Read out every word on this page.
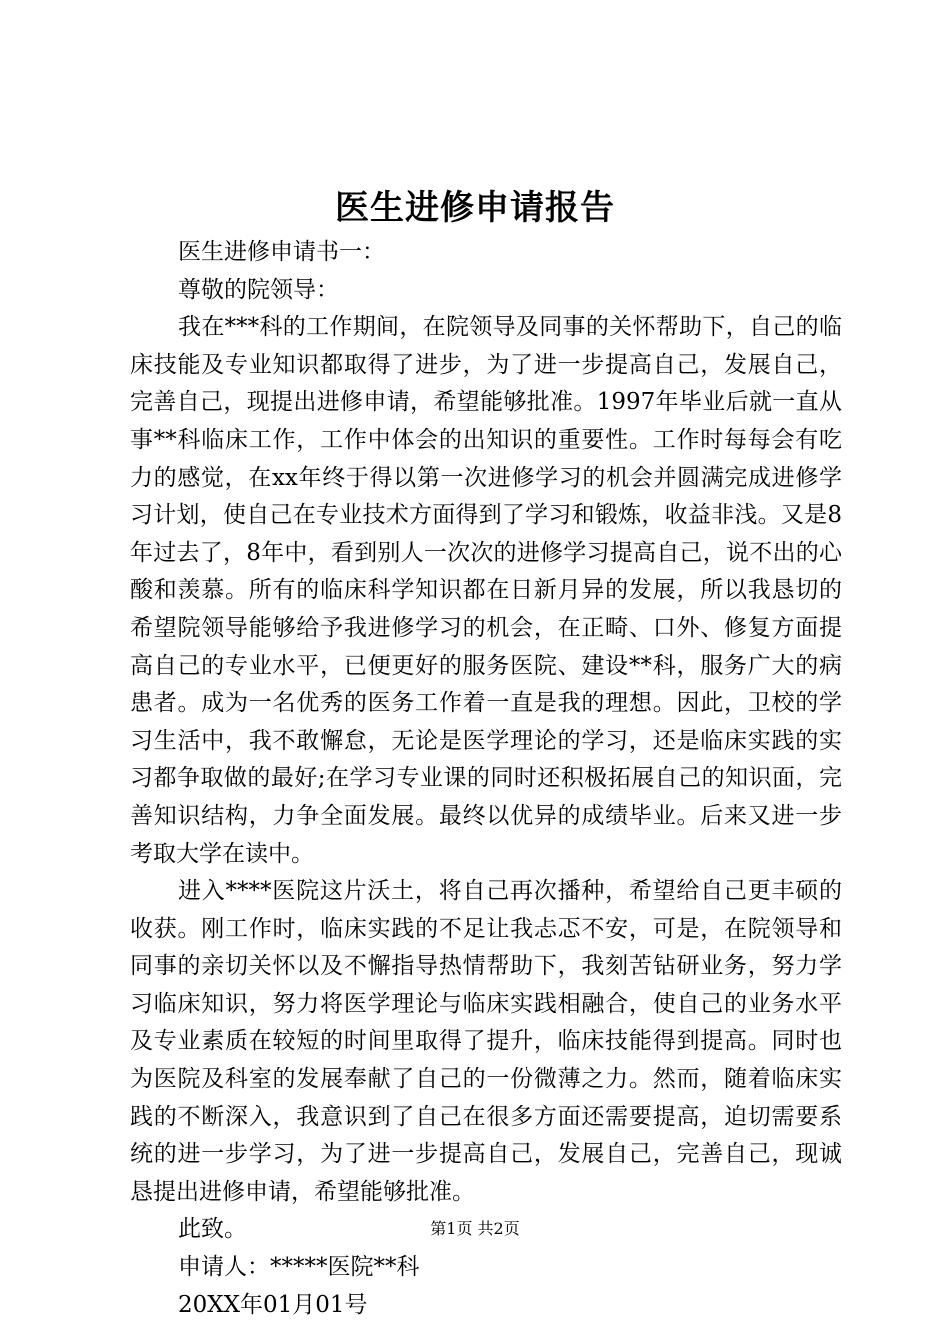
医生进修申请报告

医生进修申请书一：

尊敬的院领导：

我在***科的工作期间，在院领导及同事的关怀帮助下，自己的临床技能及专业知识都取得了进步，为了进一步提高自己，发展自己，完善自己，现提出进修申请，希望能够批准。1997年毕业后就一直从事**科临床工作，工作中体会的出知识的重要性。工作时每每会有吃力的感觉，在xx年终于得以第一次进修学习的机会并圆满完成进修学习计划，使自己在专业技术方面得到了学习和锻炼，收益非浅。又是8年过去了，8年中，看到别人一次次的进修学习提高自己，说不出的心酸和羡慕。所有的临床科学知识都在日新月异的发展，所以我恳切的希望院领导能够给予我进修学习的机会，在正畸、口外、修复方面提高自己的专业水平，已便更好的服务医院、建设**科，服务广大的病患者。成为一名优秀的医务工作着一直是我的理想。因此，卫校的学习生活中，我不敢懈怠，无论是医学理论的学习，还是临床实践的实习都争取做的最好;在学习专业课的同时还积极拓展自己的知识面，完善知识结构，力争全面发展。最终以优异的成绩毕业。后来又进一步考取大学在读中。

进入****医院这片沃土，将自己再次播种，希望给自己更丰硕的收获。刚工作时，临床实践的不足让我忐忑不安，可是，在院领导和同事的亲切关怀以及不懈指导热情帮助下，我刻苦钻研业务，努力学习临床知识，努力将医学理论与临床实践相融合，使自己的业务水平及专业素质在较短的时间里取得了提升，临床技能得到提高。同时也为医院及科室的发展奉献了自己的一份微薄之力。然而，随着临床实践的不断深入，我意识到了自己在很多方面还需要提高，迫切需要系统的进一步学习，为了进一步提高自己，发展自己，完善自己，现诚恳提出进修申请，希望能够批准。

此致。

申请人：*****医院**科

20XX年01月01号

第1页 共2页
